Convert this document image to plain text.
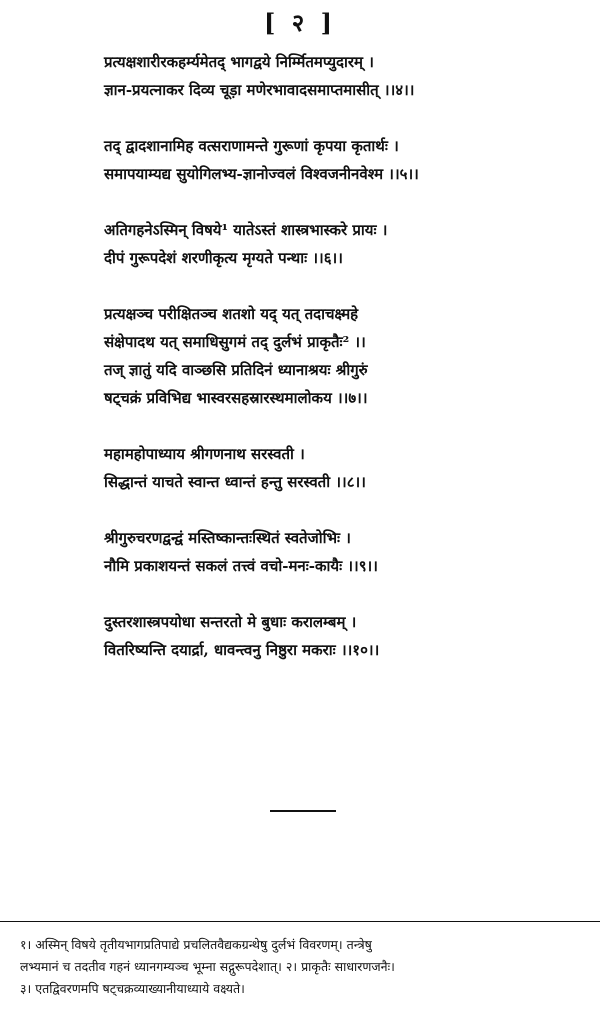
[ २ ]
प्रत्यक्षशारीरकहर्म्यमेतद् भागद्वये निर्म्मितमप्युदारम् ।
ज्ञान-प्रयत्नाकर दिव्य चूड़ा मणेरभावादसमाप्तमासीत् ।।४।।
तद् द्वादशानामिह वत्सराणामन्ते गुरूणां कृपया कृतार्थः ।
समापयाम्यद्य सुयोगिलभ्य-ज्ञानोज्वलं विश्वजनीनवेश्म ।।५।।
अतिगहनेऽस्मिन् विषये¹ यातेऽस्तं शास्त्रभास्करे प्रायः ।
दीपं गुरूपदेशं शरणीकृत्य मृग्यते पन्थाः ।।६।।
प्रत्यक्षञ्च परीक्षितञ्च शतशो यद् यत् तदाचक्ष्महे
संक्षेपादथ यत् समाधिसुगमं तद् दुर्लभं प्राकृतैः² ।।
तज् ज्ञातुं यदि वाञ्छसि प्रतिदिनं ध्यानाश्रयः श्रीगुरुं
षट्चक्रं प्रविभिद्य भास्वरसहस्रारस्थमालोकय ।।७।।
महामहोपाध्याय श्रीगणनाथ सरस्वती ।
सिद्धान्तं याचते स्वान्त ध्वान्तं हन्तु सरस्वती ।।८।।
श्रीगुरुचरणद्वन्द्वं मस्तिष्कान्तःस्थितं स्वतेजोभिः ।
नौमि प्रकाशयन्तं सकलं तत्त्वं वचो-मनः-कायैः ।।९।।
दुस्तरशास्त्रपयोधा सन्तरतो मे बुधाः करालम्बम् ।
वितरिष्यन्ति दयार्द्रा, धावन्त्वनु निष्ठुरा मकराः ।।१०।।
१। अस्मिन् विषये तृतीयभागप्रतिपाद्ये प्रचलितवैद्यकग्रन्थेषु दुर्लभं विवरणम्। तन्त्रेषु
लभ्यमानं च तदतीव गहनं ध्यानगम्यञ्च भूम्ना सद्गुरूपदेशात्। २। प्राकृतैः साधारणजनैः।
३। एतद्विवरणमपि षट्चक्रव्याख्यानीयाध्याये वक्ष्यते।
